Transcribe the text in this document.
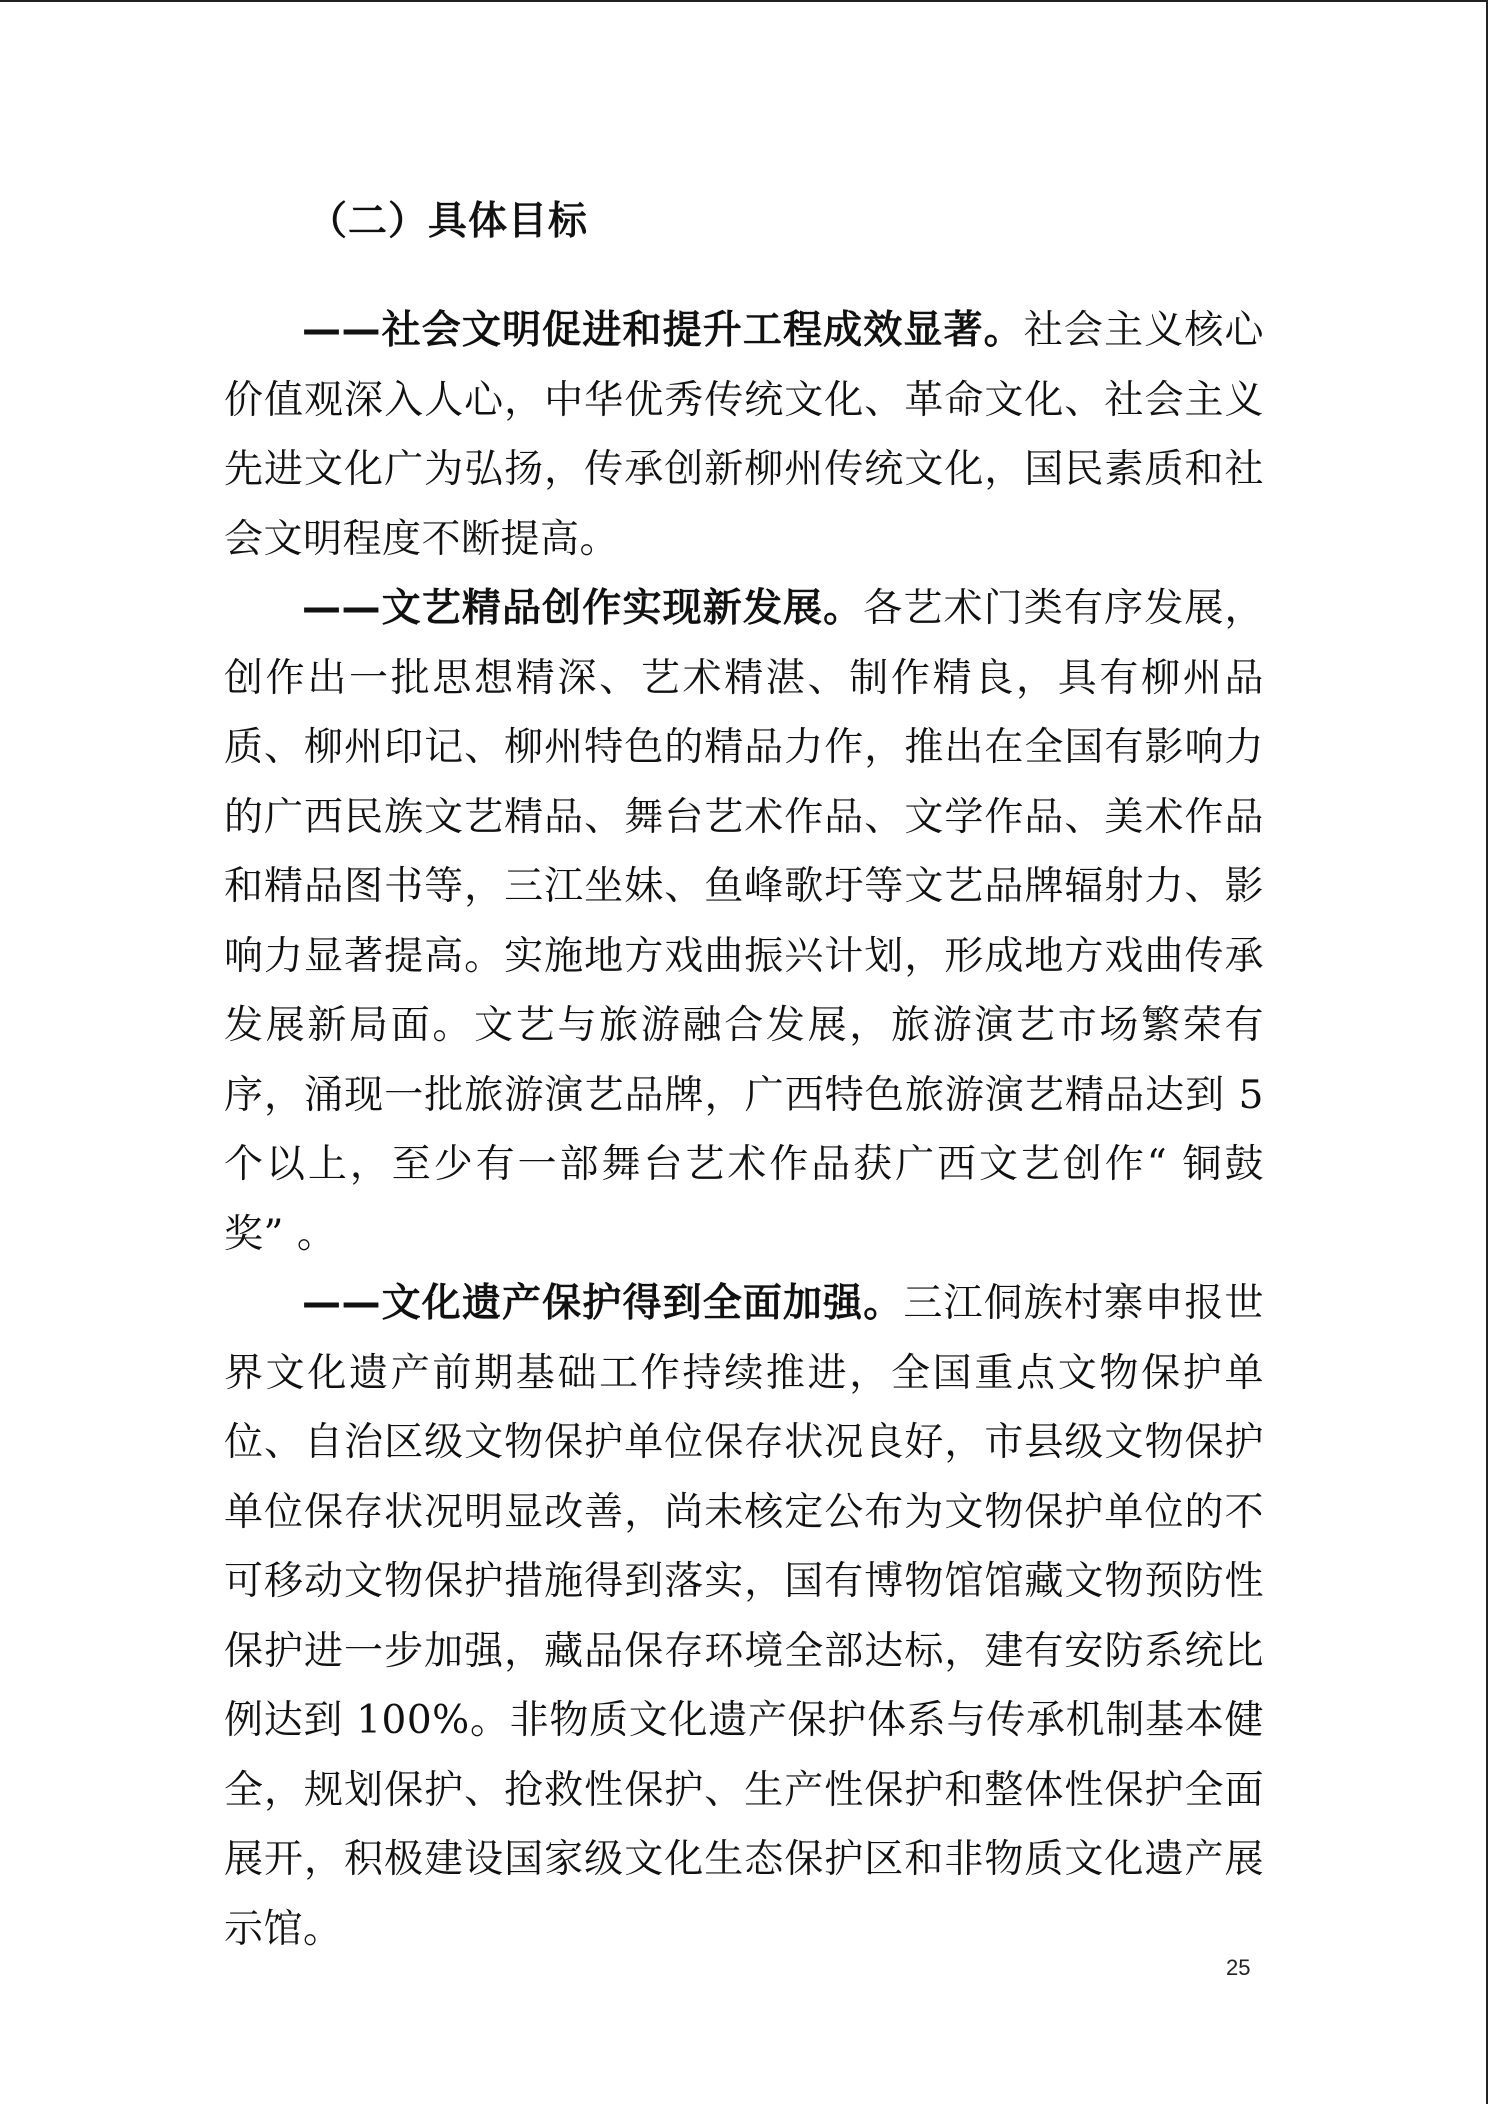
（二）具体目标

——社会文明促进和提升工程成效显著。社会主义核心价值观深入人心，中华优秀传统文化、革命文化、社会主义先进文化广为弘扬，传承创新柳州传统文化，国民素质和社会文明程度不断提高。

——文艺精品创作实现新发展。各艺术门类有序发展，创作出一批思想精深、艺术精湛、制作精良，具有柳州品质、柳州印记、柳州特色的精品力作，推出在全国有影响力的广西民族文艺精品、舞台艺术作品、文学作品、美术作品和精品图书等，三江坐妹、鱼峰歌圩等文艺品牌辐射力、影响力显著提高。实施地方戏曲振兴计划，形成地方戏曲传承发展新局面。文艺与旅游融合发展，旅游演艺市场繁荣有序，涌现一批旅游演艺品牌，广西特色旅游演艺精品达到 5 个以上，至少有一部舞台艺术作品获广西文艺创作“ 铜鼓奖” 。

——文化遗产保护得到全面加强。三江侗族村寨申报世界文化遗产前期基础工作持续推进，全国重点文物保护单位、自治区级文物保护单位保存状况良好，市县级文物保护单位保存状况明显改善，尚未核定公布为文物保护单位的不可移动文物保护措施得到落实，国有博物馆馆藏文物预防性保护进一步加强，藏品保存环境全部达标，建有安防系统比例达到 100%。非物质文化遗产保护体系与传承机制基本健全，规划保护、抢救性保护、生产性保护和整体性保护全面展开，积极建设国家级文化生态保护区和非物质文化遗产展示馆。

25
